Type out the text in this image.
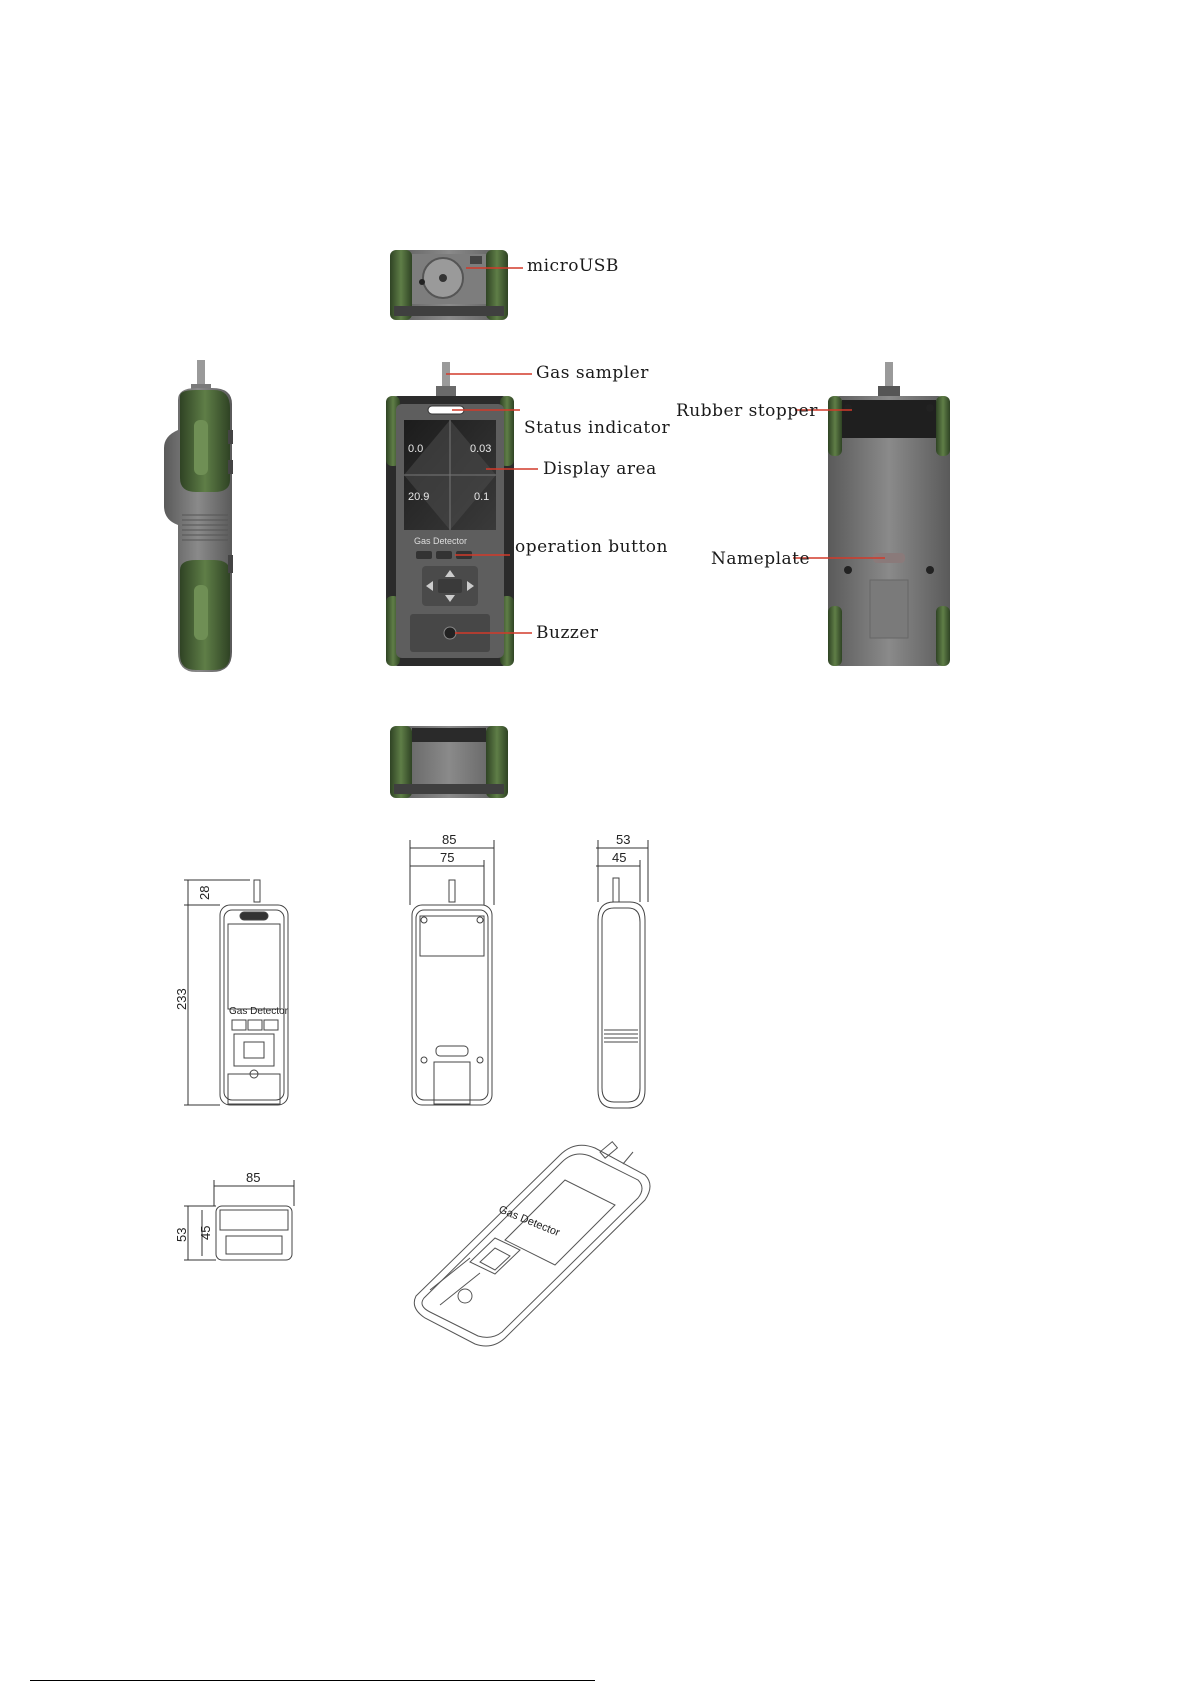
0.0	0.03
20.9	0.1
Gas Detector
Gas Detector
28
233
85
75
53
45
85
53 45	Gas Detector
microUSB
Gas sampler
Status indicator
Display area
operation button
Buzzer
Rubber stopper
Nameplate
